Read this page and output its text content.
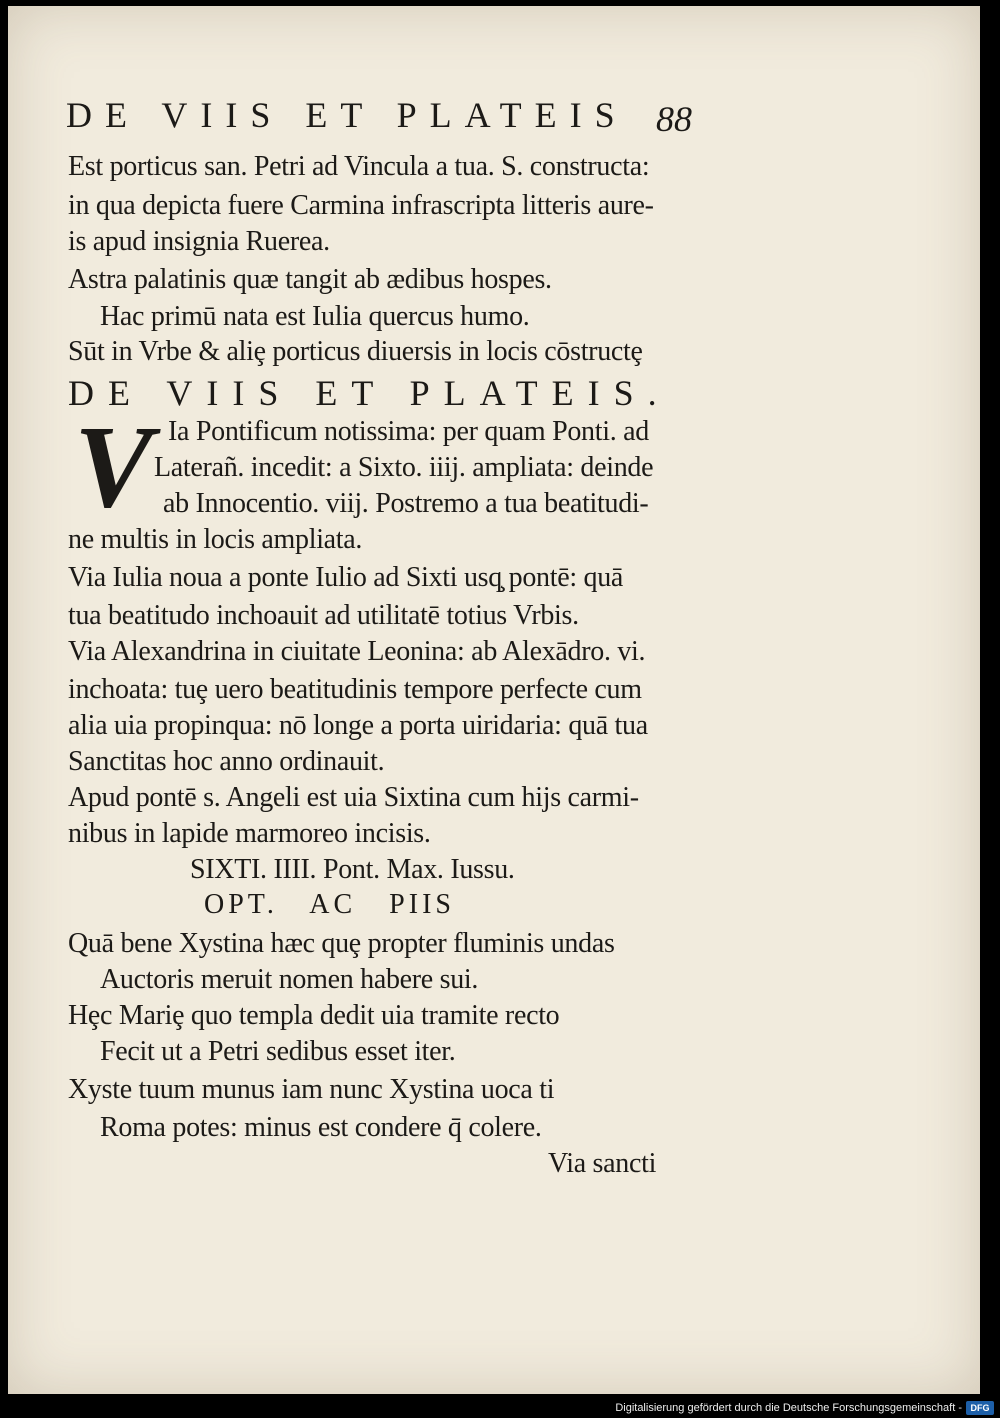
DE VIIS ET PLATEIS 88
Est porticus san. Petri ad Vincula a tua. S. constructa:
in qua depicta fuere Carmina infrascripta litteris aure-
is apud insignia Ruerea.
Astra palatinis quæ tangit ab ædibus hospes.
Hac primū nata est Iulia quercus humo.
Sūt in Vrbe & aliȩ porticus diuersis in locis cōstructȩ
DE VIIS ET PLATEIS.
V Ia Pontificum notissima: per quam Ponti. ad
Laterañ. incedit: a Sixto. iiij. ampliata: deinde
ab Innocentio. viij. Postremo a tua beatitudi-
ne multis in locis ampliata.
Via Iulia noua a ponte Iulio ad Sixti usq̧ pontē: quā
tua beatitudo inchoauit ad utilitatē totius Vrbis.
Via Alexandrina in ciuitate Leonina: ab Alexādro. vi.
inchoata: tuȩ uero beatitudinis tempore perfecte cum
alia uia propinqua: nō longe a porta uiridaria: quā tua
Sanctitas hoc anno ordinauit.
Apud pontē s. Angeli est uia Sixtina cum hijs carmi-
nibus in lapide marmoreo incisis.
SIXTI. IIII. Pont. Max. Iussu.
OPT. AC PIIS
Quā bene Xystina hæc quȩ propter fluminis undas
Auctoris meruit nomen habere sui.
Hȩc Mariȩ quo templa dedit uia tramite recto
Fecit ut a Petri sedibus esset iter.
Xyste tuum munus iam nunc Xystina uoca ti
Roma potes: minus est condere q̄ colere.
Via sancti
Digitalisierung gefördert durch die Deutsche Forschungsgemeinschaft - DFG
